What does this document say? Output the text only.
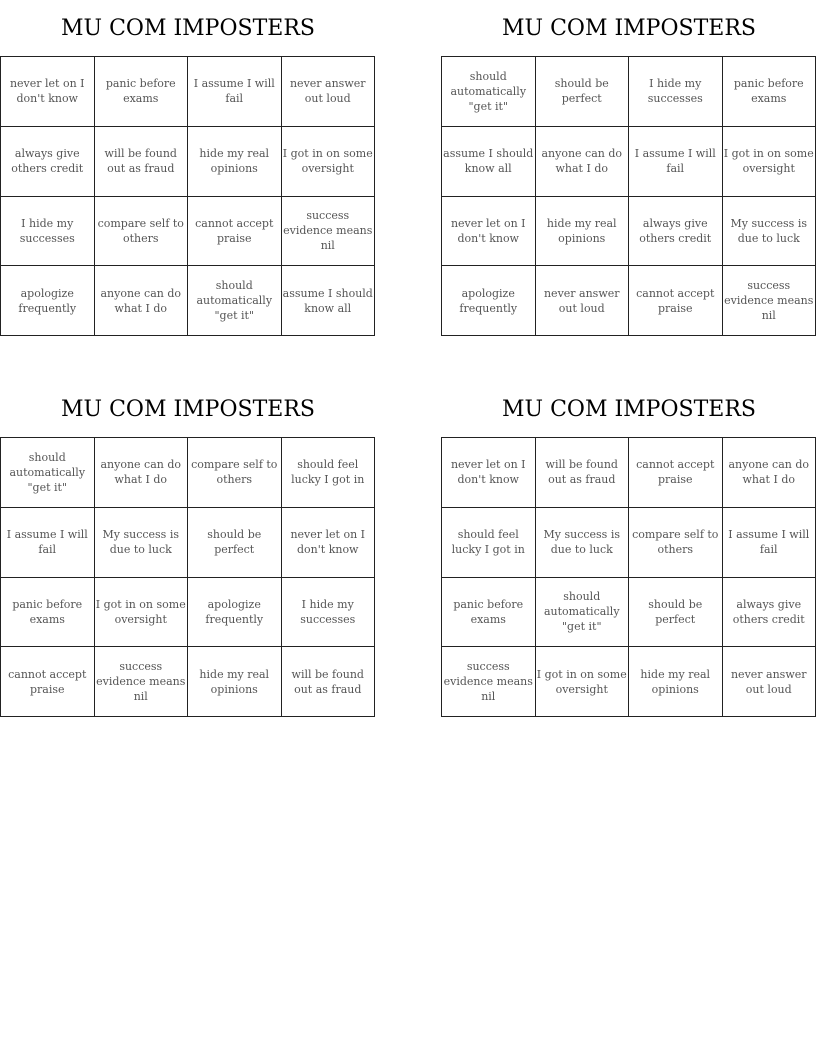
MU COM IMPOSTERS
never let on I don't know
panic before exams
I assume I will fail
never answer out loud
always give others credit
will be found out as fraud
hide my real opinions
I got in on some oversight
I hide my successes
compare self to others
cannot accept praise
success evidence means nil
apologize frequently
anyone can do what I do
should automatically "get it"
assume I should know all
MU COM IMPOSTERS
should automatically "get it"
should be perfect
I hide my successes
panic before exams
assume I should know all
anyone can do what I do
I assume I will fail
I got in on some oversight
never let on I don't know
hide my real opinions
always give others credit
My success is due to luck
apologize frequently
never answer out loud
cannot accept praise
success evidence means nil
MU COM IMPOSTERS
should automatically "get it"
anyone can do what I do
compare self to others
should feel lucky I got in
I assume I will fail
My success is due to luck
should be perfect
never let on I don't know
panic before exams
I got in on some oversight
apologize frequently
I hide my successes
cannot accept praise
success evidence means nil
hide my real opinions
will be found out as fraud
MU COM IMPOSTERS
never let on I don't know
will be found out as fraud
cannot accept praise
anyone can do what I do
should feel lucky I got in
My success is due to luck
compare self to others
I assume I will fail
panic before exams
should automatically "get it"
should be perfect
always give others credit
success evidence means nil
I got in on some oversight
hide my real opinions
never answer out loud
